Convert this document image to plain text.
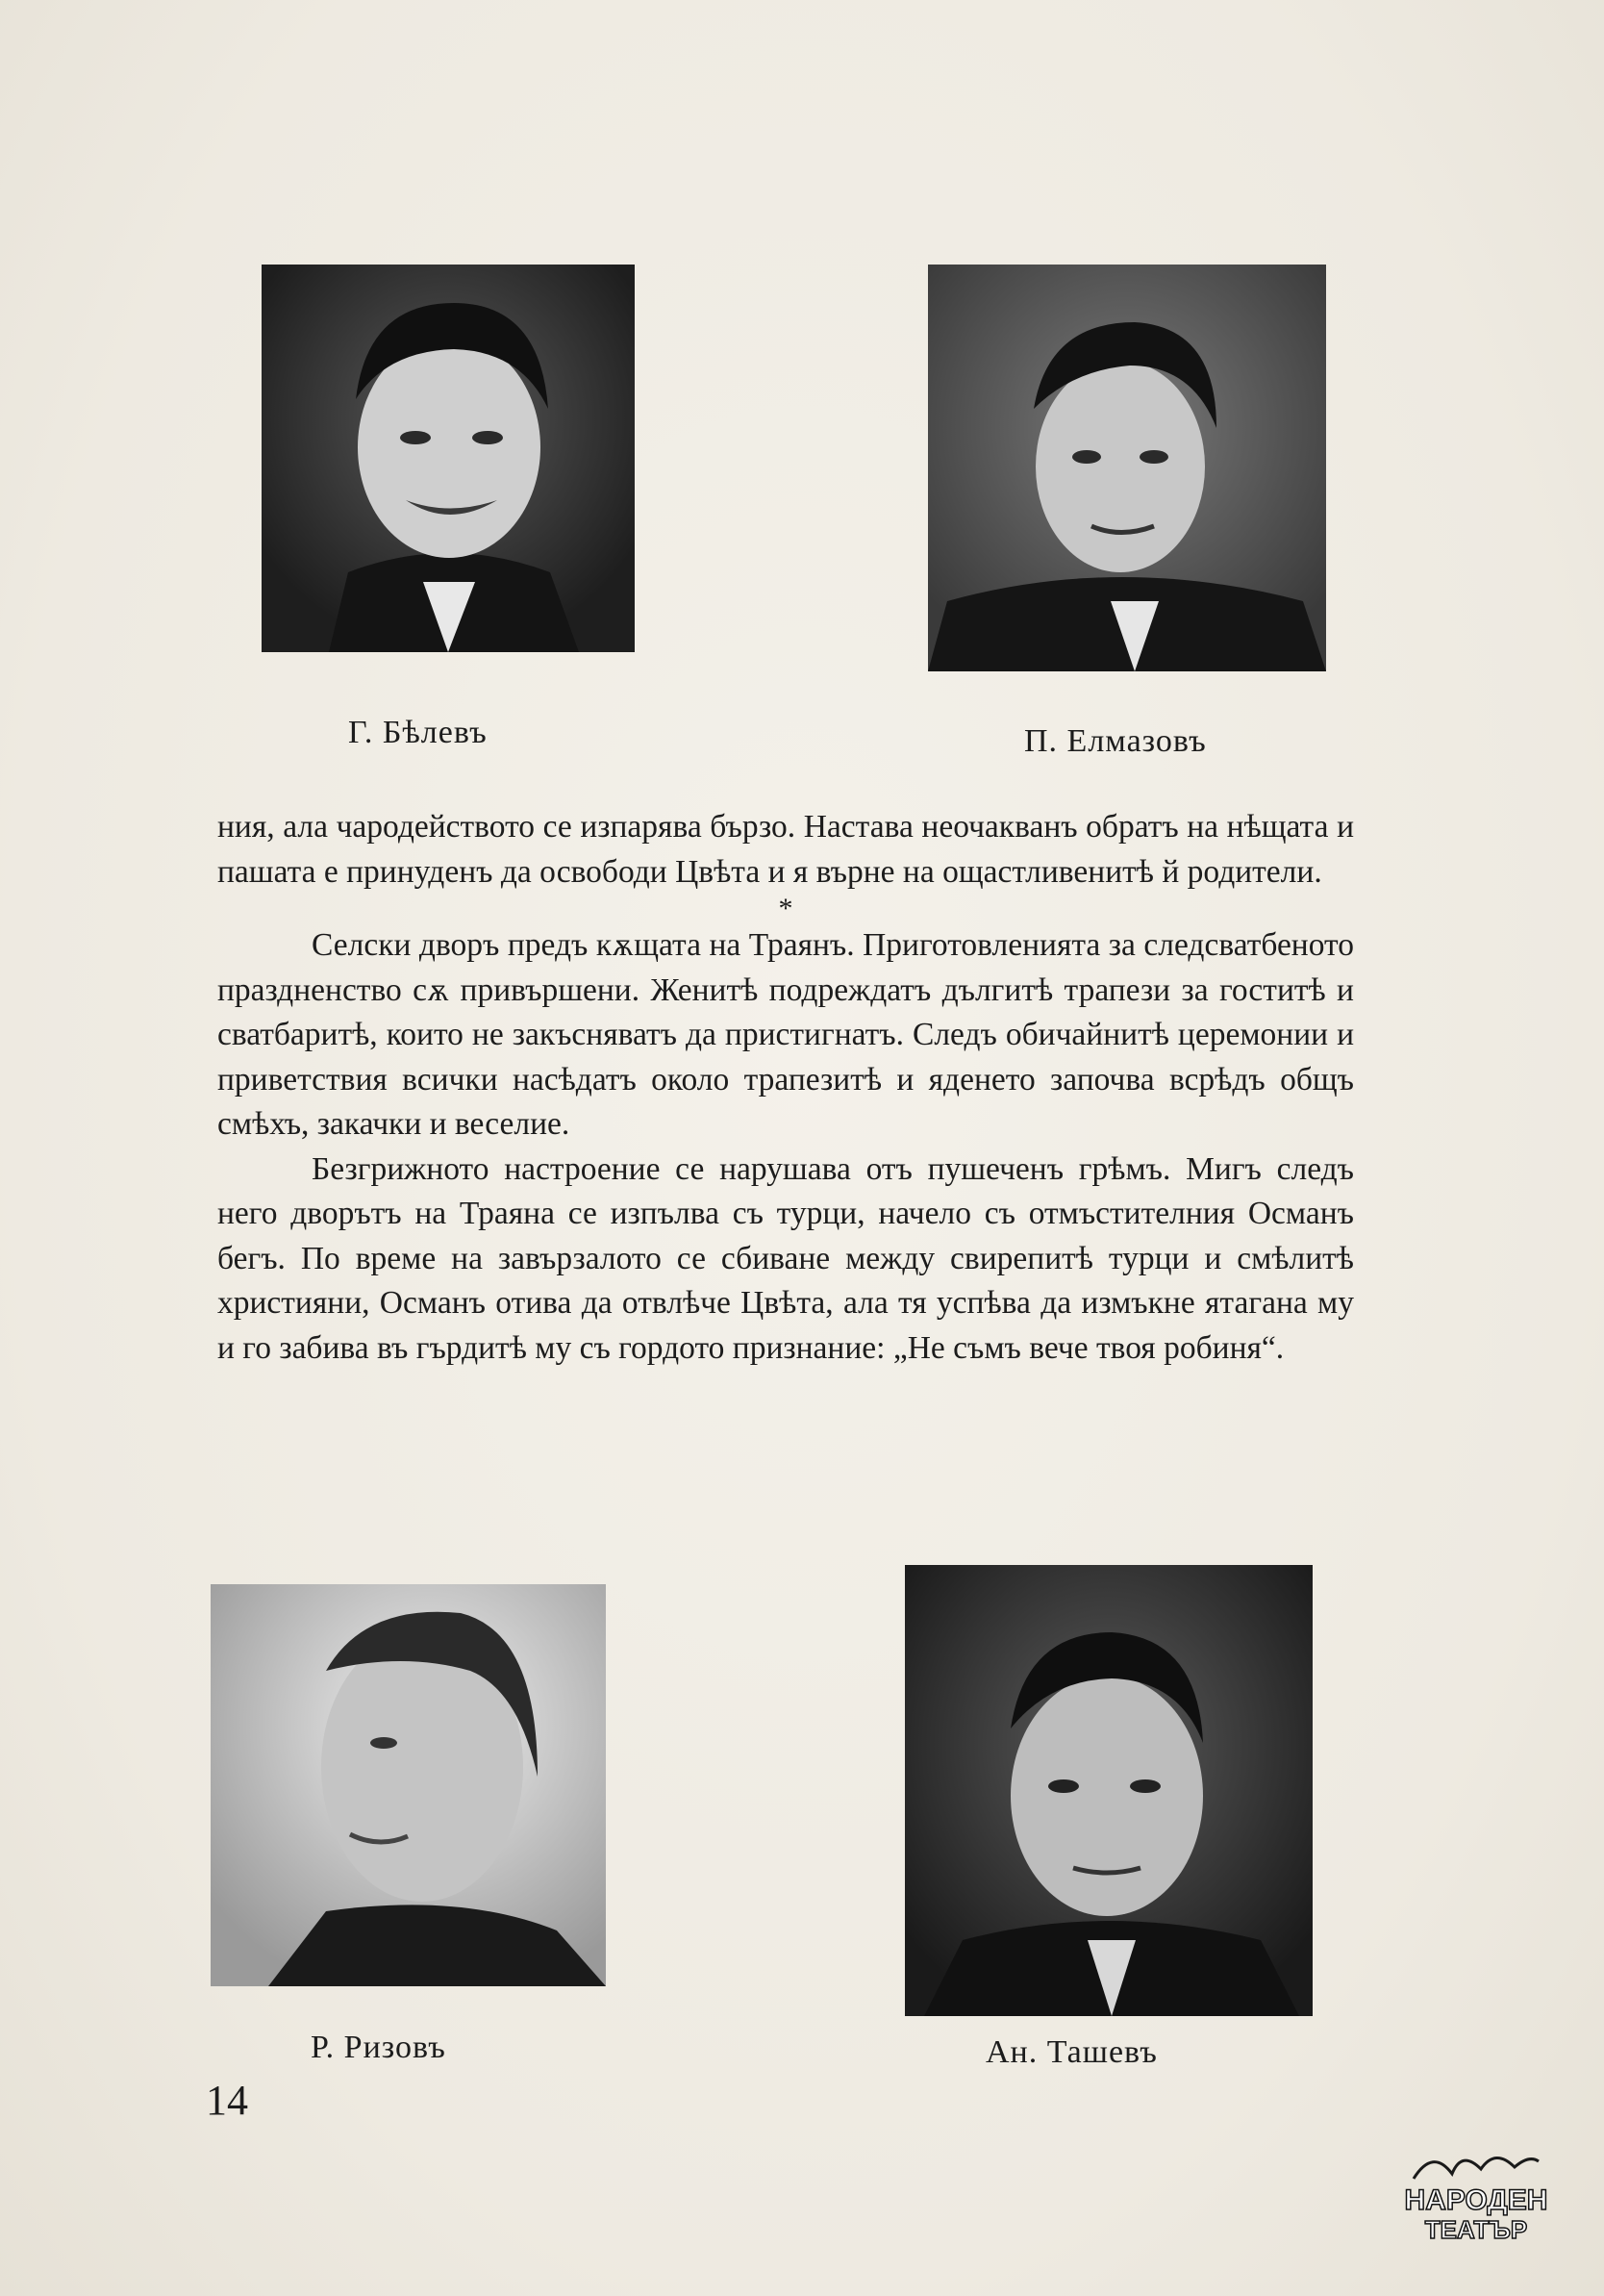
Г. Бѣлевъ	П. Елмазовъ

ния, ала чародейството се изпарява бързо. Настава неочакванъ обратъ на нѣщата и пашата е принуденъ да освободи Цвѣта и я върне на ощастливенитѣ й родители.

*

Селски дворъ предъ кѫщата на Траянъ. Приготовленията за следсватбеното праздненство сѫ привършени. Женитѣ подреждатъ дългитѣ трапези за гоститѣ и сватбаритѣ, които не закъсняватъ да пристигнатъ. Следъ обичайнитѣ церемонии и приветствия всички насѣдатъ около трапезитѣ и яденето започва всрѣдъ общъ смѣхъ, закачки и веселие.

Безгрижното настроение се нарушава отъ пушеченъ грѣмъ. Мигъ следъ него дворътъ на Траяна се изпълва съ турци, начело съ отмъстителния Османъ бегъ. По време на завързалото се сбиване между свирепитѣ турци и смѣлитѣ християни, Османъ отива да отвлѣче Цвѣта, ала тя успѣва да измъкне ятагана му и го забива въ гърдитѣ му съ гордото признание: „Не съмъ вече твоя робиня“.

Р. Ризовъ	Ан. Ташевъ
14
НАРОДЕН
ТЕАТЪР
